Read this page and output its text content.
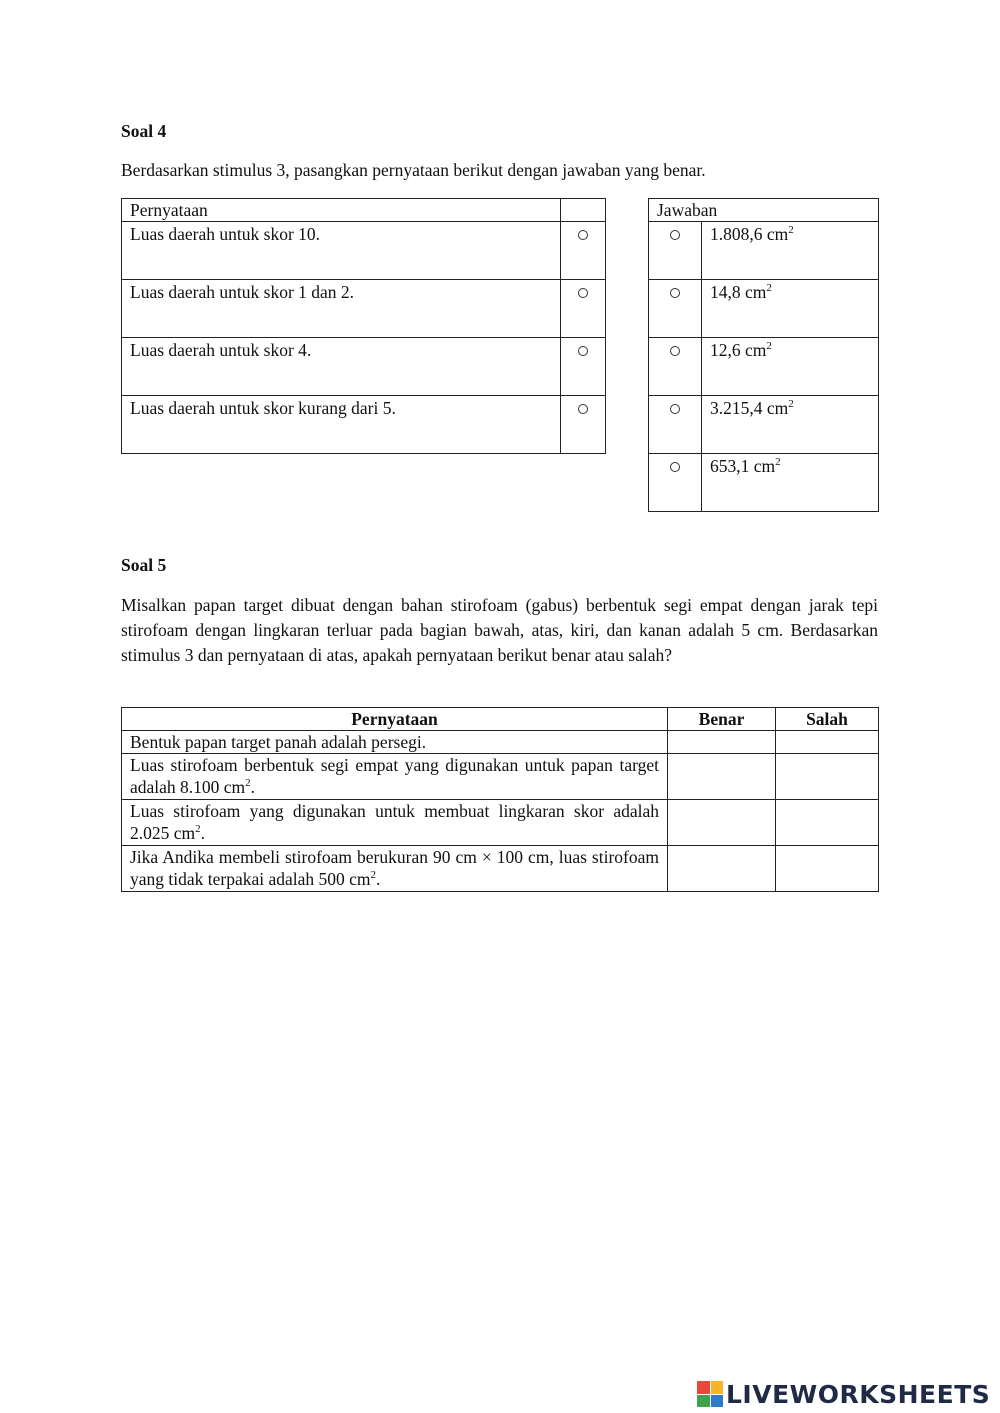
Soal 4
Berdasarkan stimulus 3, pasangkan pernyataan berikut dengan jawaban yang benar.
Pernyataan	

Luas daerah untuk skor 10.	

Luas daerah untuk skor 1 dan 2.	

Luas daerah untuk skor 4.	

Luas daerah untuk skor kurang dari 5.	

Jawaban	

	1.808,6 $cm^2$

	14,8 $cm^2$

	12,6 $cm^2$

	3.215,4 $cm^2$

	653,1 $cm^2$
Soal 5
Misalkan papan target dibuat dengan bahan stirofoam (gabus) berbentuk segi empat dengan jarak tepi stirofoam dengan lingkaran terluar pada bagian bawah, atas, kiri, dan kanan adalah 5 cm. Berdasarkan stimulus 3 dan pernyataan di atas, apakah pernyataan berikut benar atau salah?
Pernyataan	Benar	Salah
Bentuk papan target panah adalah persegi.		
Luas stirofoam berbentuk segi empat yang digunakan untuk papan target adalah 8.100 $cm^2$.		
Luas stirofoam yang digunakan untuk membuat lingkaran skor adalah 2.025 $cm^2$.		
Jika Andika membeli stirofoam berukuran 90 cm × 100 cm, luas stirofoam yang tidak terpakai adalah 500 $cm^2$.		
LIVEWORKSHEETS
